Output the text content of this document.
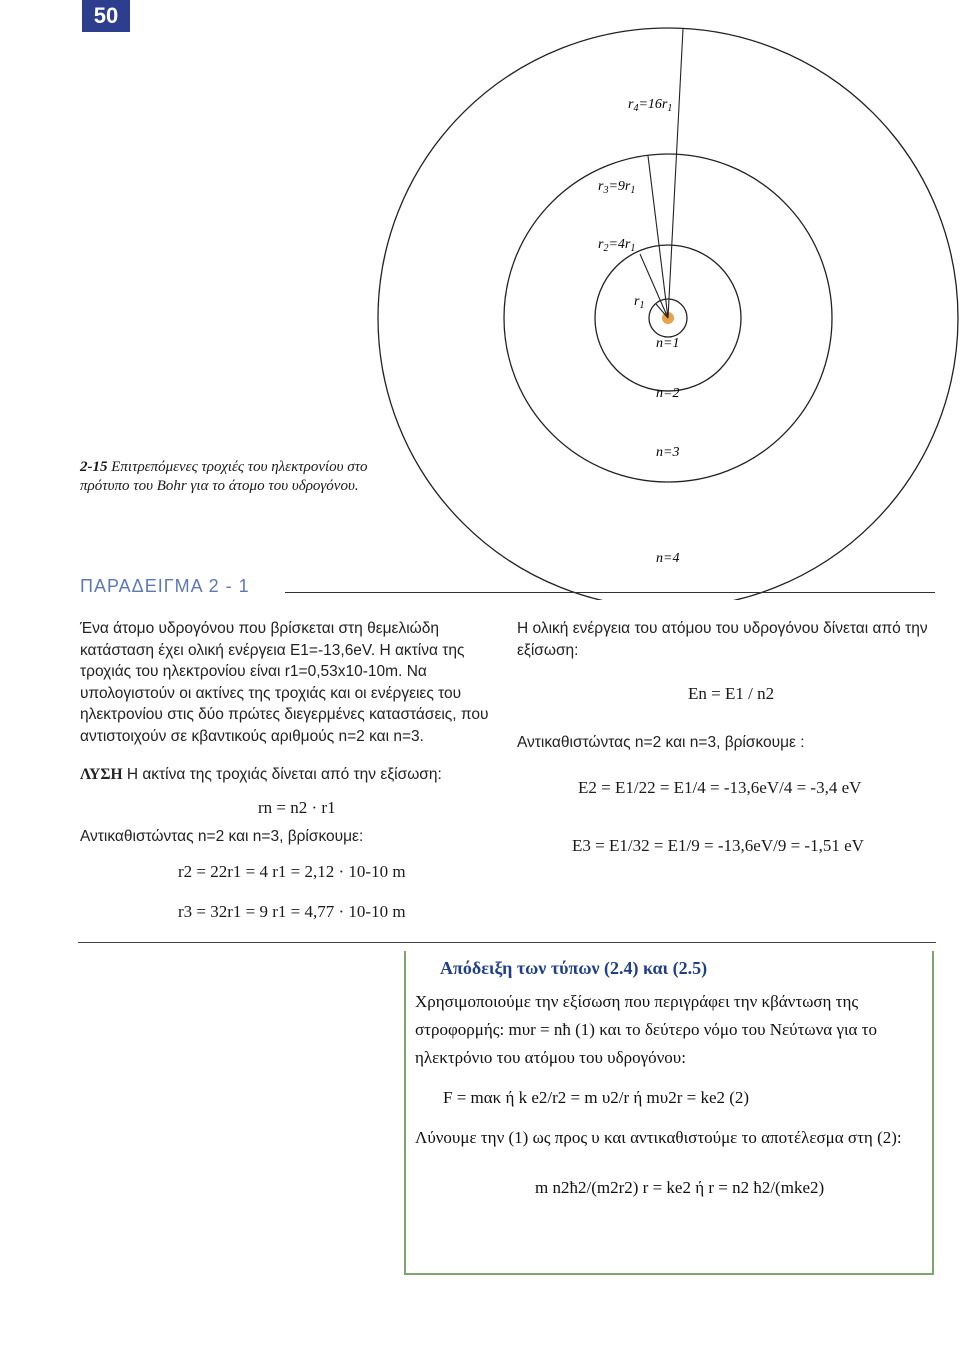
50
$r_4=16r_1$
$r_3=9r_1$
$r_2=4r_1$
$r_1$
n=1
n=2
n=3
n=4
2-15 Επιτρεπόμενες τροχιές του ηλεκτρονίου στο πρότυπο του Bohr για το άτομο του υδρογόνου.
ΠΑΡΑΔΕΙΓΜΑ 2 - 1
Ένα άτομο υδρογόνου που βρίσκεται στη θεμελιώδη κατάσταση έχει ολική ενέργεια E1=-13,6eV. Η ακτίνα της τροχιάς του ηλεκτρονίου είναι r1=0,53x10-10m. Να υπολογιστούν οι ακτίνες της τροχιάς και οι ενέργειες του ηλεκτρονίου στις δύο πρώτες διεγερμένες καταστάσεις, που αντιστοιχούν σε κβαντικούς αριθμούς n=2 και n=3.
ΛΥΣΗ Η ακτίνα της τροχιάς δίνεται από την εξίσωση:
rn = n2 · r1
Αντικαθιστώντας n=2 και n=3, βρίσκουμε:
r2 = 22r1 = 4 r1 = 2,12 · 10-10 m
r3 = 32r1 = 9 r1 = 4,77 · 10-10 m
Η ολική ενέργεια του ατόμου του υδρογόνου δίνεται από την εξίσωση:
En = E1 / n2
Αντικαθιστώντας n=2 και n=3, βρίσκουμε :
E2 = E1/22 = E1/4 = -13,6eV/4 = -3,4 eV
E3 = E1/32 = E1/9 = -13,6eV/9 = -1,51 eV
Απόδειξη των τύπων (2.4) και (2.5)
Χρησιμοποιούμε την εξίσωση που περιγράφει την κβάντωση της στροφορμής: mυr = nħ (1) και το δεύτερο νόμο του Νεύτωνα για το ηλεκτρόνιο του ατόμου του υδρογόνου:
F = mακ ή k e2/r2 = m υ2/r ή mυ2r = ke2 (2)
Λύνουμε την (1) ως προς υ και αντικαθιστούμε το αποτέλεσμα στη (2):
m n2ħ2/(m2r2) r = ke2 ή r = n2 ħ2/(mke2)
